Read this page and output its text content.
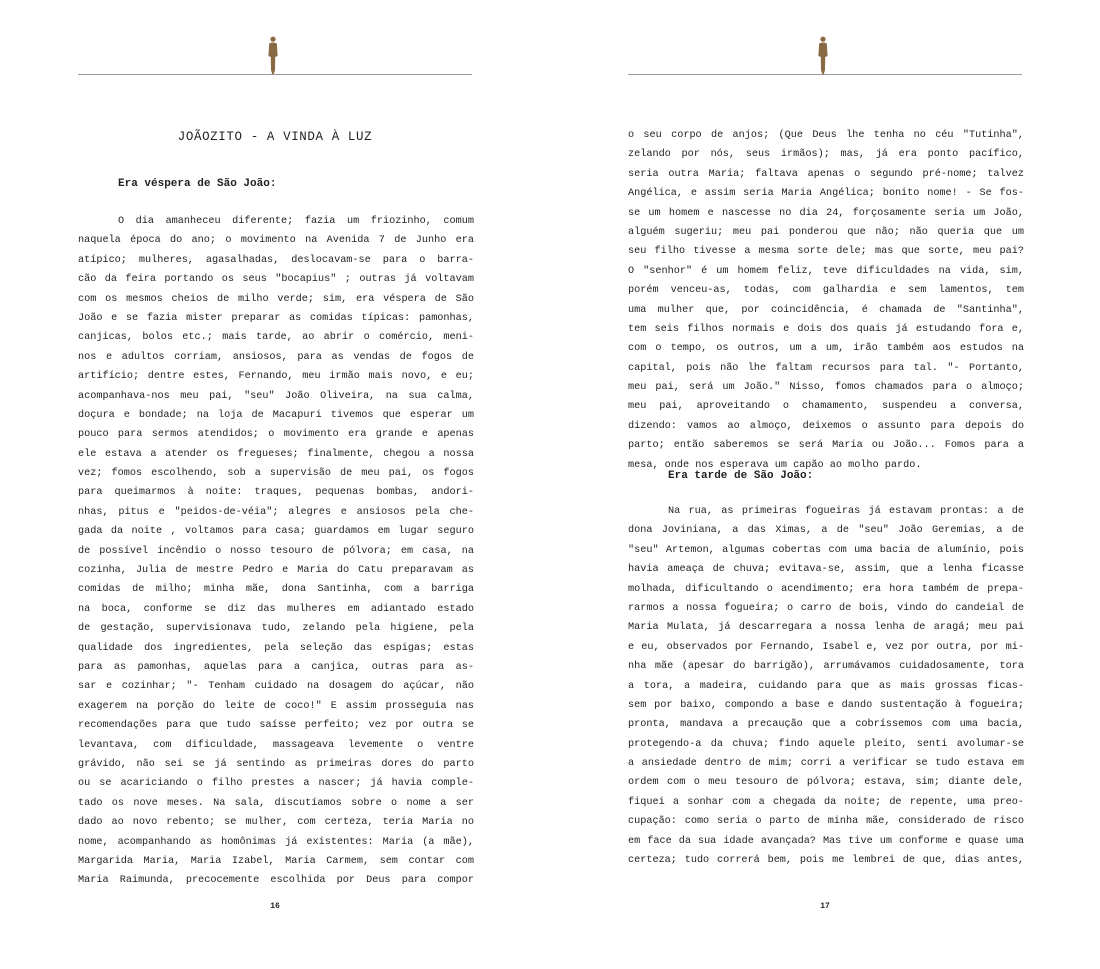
JOÃOZITO - A VINDA À LUZ
Era véspera de São João:
O dia amanheceu diferente; fazia um friozinho, comum
naquela época do ano; o movimento na Avenida 7 de Junho era
atípico; mulheres, agasalhadas, deslocavam-se para o barra-
cão da feira portando os seus "bocapius" ; outras já voltavam
com os mesmos cheios de milho verde; sim, era véspera de São
João e se fazia mister preparar as comidas típicas: pamonhas,
canjicas, bolos etc.; mais tarde, ao abrir o comércio, meni-
nos e adultos corriam, ansiosos, para as vendas de fogos de
artifício; dentre estes, Fernando, meu irmão mais novo, e eu;
acompanhava-nos meu pai, "seu" João Oliveira, na sua calma,
doçura e bondade; na loja de Macapuri tivemos que esperar um
pouco para sermos atendidos; o movimento era grande e apenas
ele estava a atender os fregueses; finalmente, chegou a nossa
vez; fomos escolhendo, sob a supervisão de meu pai, os fogos
para queimarmos à noite: traques, pequenas bombas, andori-
nhas, pitus e "peidos-de-véia"; alegres e ansiosos pela che-
gada da noite , voltamos para casa; guardamos em lugar seguro
de possível incêndio o nosso tesouro de pólvora; em casa, na
cozinha, Julia de mestre Pedro e Maria do Catu preparavam as
comidas de milho; minha mãe, dona Santinha, com a barriga
na boca, conforme se diz das mulheres em adiantado estado
de gestação, supervisionava tudo, zelando pela higiene, pela
qualidade dos ingredientes, pela seleção das espigas; estas
para as pamonhas, aquelas para a canjica, outras para as-
sar e cozinhar; "- Tenham cuidado na dosagem do açúcar, não
exagerem na porção do leite de coco!" E assim prosseguia nas
recomendações para que tudo saísse perfeito; vez por outra se
levantava, com dificuldade, massageava levemente o ventre
grávido, não sei se já sentindo as primeiras dores do parto
ou se acariciando o filho prestes a nascer; já havia comple-
tado os nove meses. Na sala, discutíamos sobre o nome a ser
dado ao novo rebento; se mulher, com certeza, teria Maria no
nome, acompanhando as homônimas já existentes: Maria (a mãe),
Margarida Maria, Maria Izabel, Maria Carmem, sem contar com
Maria Raimunda, precocemente escolhida por Deus para compor
16
o seu corpo de anjos; (Que Deus lhe tenha no céu "Tutinha",
zelando por nós, seus irmãos); mas, já era ponto pacífico,
seria outra Maria; faltava apenas o segundo pré-nome; talvez
Angélica, e assim seria Maria Angélica; bonito nome! - Se fos-
se um homem e nascesse no dia 24, forçosamente seria um João,
alguém sugeriu; meu pai ponderou que não; não queria que um
seu filho tivesse a mesma sorte dele; mas que sorte, meu pai?
O "senhor" é um homem feliz, teve dificuldades na vida, sim,
porém venceu-as, todas, com galhardia e sem lamentos, tem
uma mulher que, por coincidência, é chamada de "Santinha",
tem seis filhos normais e dois dos quais já estudando fora e,
com o tempo, os outros, um a um, irão também aos estudos na
capital, pois não lhe faltam recursos para tal. "- Portanto,
meu pai, será um João." Nisso, fomos chamados para o almoço;
meu pai, aproveitando o chamamento, suspendeu a conversa,
dizendo: vamos ao almoço, deixemos o assunto para depois do
parto; então saberemos se será Maria ou João... Fomos para a
mesa, onde nos esperava um capão ao molho pardo.
Era tarde de São João:
Na rua, as primeiras fogueiras já estavam prontas: a de
dona Joviniana, a das Ximas, a de "seu" João Geremias, a de
"seu" Artemon, algumas cobertas com uma bacia de alumínio, pois
havia ameaça de chuva; evitava-se, assim, que a lenha ficasse
molhada, dificultando o acendimento; era hora também de prepa-
rarmos a nossa fogueira; o carro de bois, vindo do candeial de
Maria Mulata, já descarregara a nossa lenha de aragá; meu pai
e eu, observados por Fernando, Isabel e, vez por outra, por mi-
nha mãe (apesar do barrigão), arrumávamos cuidadosamente, tora
a tora, a madeira, cuidando para que as mais grossas ficas-
sem por baixo, compondo a base e dando sustentação à fogueira;
pronta, mandava a precaução que a cobríssemos com uma bacia,
protegendo-a da chuva; findo aquele pleito, senti avolumar-se
a ansiedade dentro de mim; corri a verificar se tudo estava em
ordem com o meu tesouro de pólvora; estava, sim; diante dele,
fiquei a sonhar com a chegada da noite; de repente, uma preo-
cupação: como seria o parto de minha mãe, considerado de risco
em face da sua idade avançada? Mas tive um conforme e quase uma
certeza; tudo correrá bem, pois me lembrei de que, dias antes,
17
